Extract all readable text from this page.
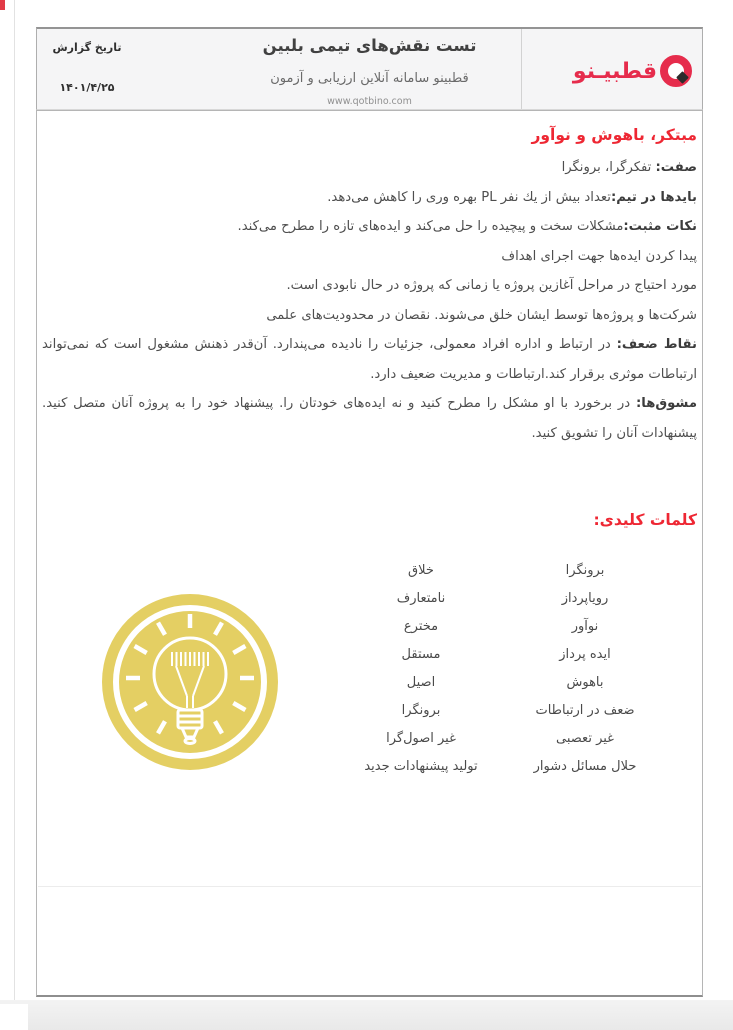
تست نقش‌های تیمی بلبین
قطبینو سامانه آنلاین ارزیابی و آزمون
www.qotbino.com
تاریخ گزارش
۱۴۰۱/۴/۲۵
قطبیـنو
مبتکر، باهوش و نوآور
صفت: تفکرگرا، برونگرا
بایدها در تیم:تعداد بیش از یك نفر PL بهره وری را كاهش می‌دهد.
نکات مثبت:مشکلات سخت و پیچیده را حل می‌کند و ایده‌های تازه را مطرح می‌کند.
پیدا کردن ایده‌ها جهت اجرای اهداف
مورد احتیاج در مراحل آغازین پروژه یا زمانی که پروژه در حال نابودی است.
شرکت‌ها و پروژه‌ها توسط ایشان خلق می‌شوند. نقصان در محدودیت‌های علمی
نقاط ضعف: در ارتباط و اداره افراد معمولی، جزئیات را نادیده می‌پندارد. آن‌قدر ذهنش مشغول است که نمی‌تواند ارتباطات موثری برقرار کند.ارتباطات و مدیریت ضعیف دارد.
مشوق‌ها: در برخورد با او مشکل را مطرح کنید و نه ایده‌های خودتان را. پیشنهاد خود را به پروژه آنان متصل کنید. پیشنهادات آنان را تشویق کنید.
کلمات کلیدی:
برونگرا
رویاپرداز
نوآور
ایده پرداز
باهوش
ضعف در ارتباطات
غیر تعصبی
حلال مسائل دشوار
خلاق
نامتعارف
مخترع
مستقل
اصیل
برونگرا
غیر اصول‌گرا
تولید پیشنهادات جدید
